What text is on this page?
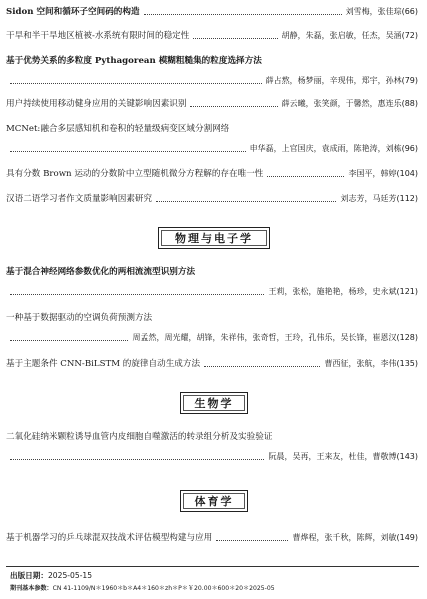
Sidon 空间和循环子空间码的构造	刘雪梅，张佳琮(66)
干旱和半干旱地区植被-水系统有限时间的稳定性	胡静，朱磊，张启敏，任杰，吴涵(72)
基于优势关系的多粒度 Pythagorean 模糊粗糙集的粒度选择方法
薛占熬，杨梦丽，辛现伟，郑宇，孙林(79)
用户持续使用移动健身应用的关键影响因素识别	薛云曦，张笑颜，于馨然，惠连乐(88)
MCNet:融合多层感知机和卷积的轻量级病变区域分割网络
申华磊，上官国庆，袁成雨，陈艳涛，刘栋(96)
具有分数 Brown 运动的分数阶中立型随机微分方程解的存在唯一性	李国平，韩婷(104)
汉语二语学习者作文质量影响因素研究	刘志芳，马廷芳(112)
物理与电子学
基于混合神经网络参数优化的两相流流型识别方法
王莉，张松，施艳艳，杨珍，史永斌(121)
一种基于数据驱动的空调负荷预测方法
周孟然，周光耀，胡锋，朱祥伟，张奇哲，王玲，孔伟乐，吴长锋，崔恩汉(128)
基于主题条件 CNN-BiLSTM 的旋律自动生成方法	曹西征，张航，李伟(135)
生物学
二氧化硅纳米颗粒诱导血管内皮细胞自噬激活的转录组分析及实验验证
阮晨，吴再，王来友，杜佳，曹敬博(143)
体育学
基于机器学习的乒乓球混双技战术评估模型构建与应用	曹烨程，张千秋，陈辉，刘敏(149)
出版日期：2025-05-15
期刊基本参数：CN 41-1109/N＊1960＊b＊A4＊160＊zh＊P＊￥20.00＊600＊20＊2025-05
